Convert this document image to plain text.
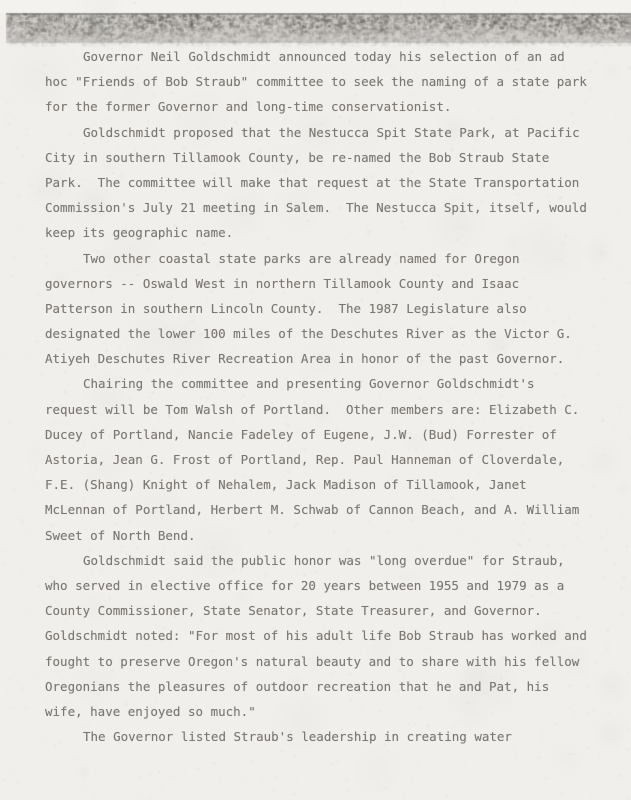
Governor Neil Goldschmidt announced today his selection of an ad
hoc "Friends of Bob Straub" committee to seek the naming of a state park
for the former Governor and long-time conservationist.
Goldschmidt proposed that the Nestucca Spit State Park, at Pacific
City in southern Tillamook County, be re-named the Bob Straub State
Park.  The committee will make that request at the State Transportation
Commission's July 21 meeting in Salem.  The Nestucca Spit, itself, would
keep its geographic name.
Two other coastal state parks are already named for Oregon
governors -- Oswald West in northern Tillamook County and Isaac
Patterson in southern Lincoln County.  The 1987 Legislature also
designated the lower 100 miles of the Deschutes River as the Victor G.
Atiyeh Deschutes River Recreation Area in honor of the past Governor.
Chairing the committee and presenting Governor Goldschmidt's
request will be Tom Walsh of Portland.  Other members are: Elizabeth C.
Ducey of Portland, Nancie Fadeley of Eugene, J.W. (Bud) Forrester of
Astoria, Jean G. Frost of Portland, Rep. Paul Hanneman of Cloverdale,
F.E. (Shang) Knight of Nehalem, Jack Madison of Tillamook, Janet
McLennan of Portland, Herbert M. Schwab of Cannon Beach, and A. William
Sweet of North Bend.
Goldschmidt said the public honor was "long overdue" for Straub,
who served in elective office for 20 years between 1955 and 1979 as a
County Commissioner, State Senator, State Treasurer, and Governor.
Goldschmidt noted: "For most of his adult life Bob Straub has worked and
fought to preserve Oregon's natural beauty and to share with his fellow
Oregonians the pleasures of outdoor recreation that he and Pat, his
wife, have enjoyed so much."
The Governor listed Straub's leadership in creating water
